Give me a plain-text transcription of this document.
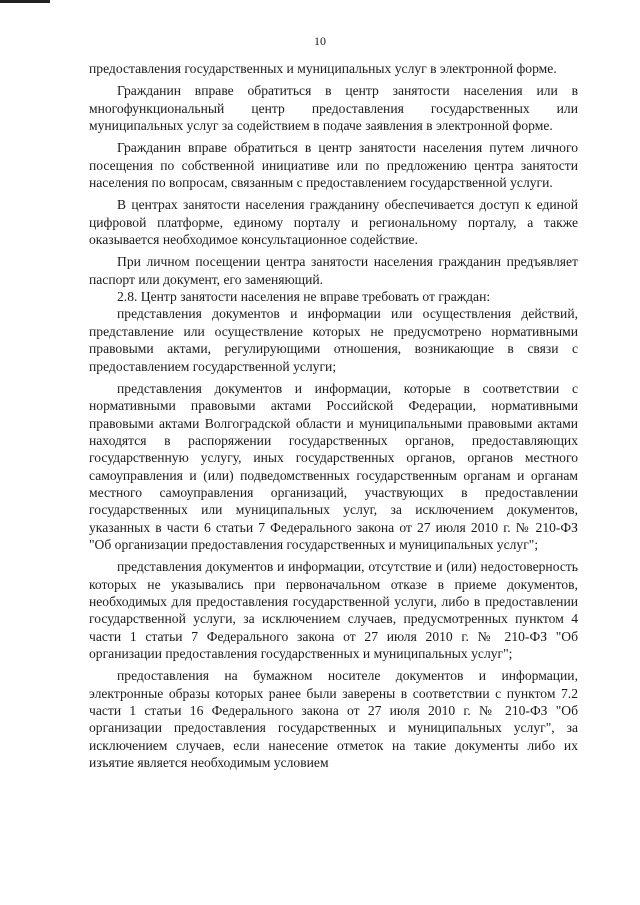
10

предоставления государственных и муниципальных услуг в электронной форме.

Гражданин вправе обратиться в центр занятости населения или в многофункциональный центр предоставления государственных или муниципальных услуг за содействием в подаче заявления в электронной форме.

Гражданин вправе обратиться в центр занятости населения путем личного посещения по собственной инициативе или по предложению центра занятости населения по вопросам, связанным с предоставлением государственной услуги.

В центрах занятости населения гражданину обеспечивается доступ к единой цифровой платформе, единому порталу и региональному порталу, а также оказывается необходимое консультационное содействие.

При личном посещении центра занятости населения гражданин предъявляет паспорт или документ, его заменяющий.

2.8. Центр занятости населения не вправе требовать от граждан:

представления документов и информации или осуществления действий, представление или осуществление которых не предусмотрено нормативными правовыми актами, регулирующими отношения, возникающие в связи с предоставлением государственной услуги;

представления документов и информации, которые в соответствии с нормативными правовыми актами Российской Федерации, нормативными правовыми актами Волгоградской области и муниципальными правовыми актами находятся в распоряжении государственных органов, предоставляющих государственную услугу, иных государственных органов, органов местного самоуправления и (или) подведомственных государственным органам и органам местного самоуправления организаций, участвующих в предоставлении государственных или муниципальных услуг, за исключением документов, указанных в части 6 статьи 7 Федерального закона от 27 июля 2010 г. № 210-ФЗ "Об организации предоставления государственных и муниципальных услуг";

представления документов и информации, отсутствие и (или) недостоверность которых не указывались при первоначальном отказе в приеме документов, необходимых для предоставления государственной услуги, либо в предоставлении государственной услуги, за исключением случаев, предусмотренных пунктом 4 части 1 статьи 7 Федерального закона от 27 июля 2010 г. № 210-ФЗ "Об организации предоставления государственных и муниципальных услуг";

предоставления на бумажном носителе документов и информации, электронные образы которых ранее были заверены в соответствии с пунктом 7.2 части 1 статьи 16 Федерального закона от 27 июля 2010 г. № 210-ФЗ "Об организации предоставления государственных и муниципальных услуг", за исключением случаев, если нанесение отметок на такие документы либо их изъятие является необходимым условием
